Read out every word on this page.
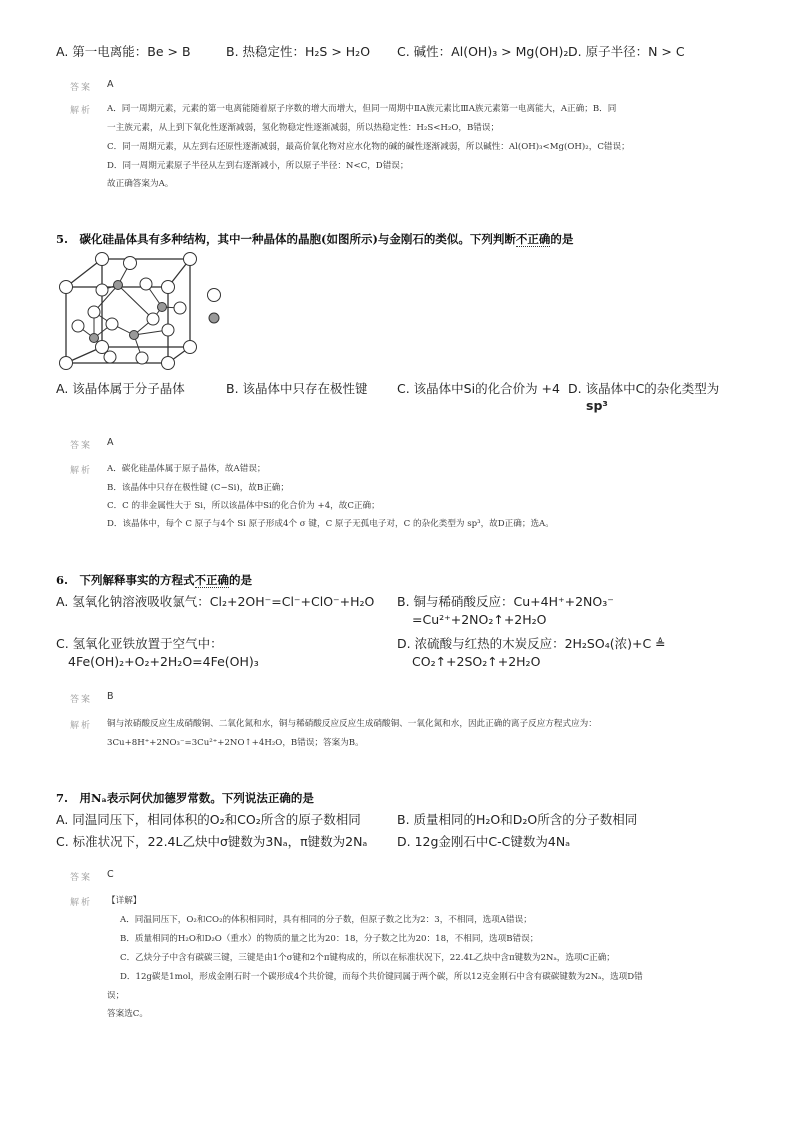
A. 第一电离能：Be > B	B. 热稳定性：H₂S > H₂O C. 碱性：Al(OH)₃ > Mg(OH)₂ D. 原子半径：N > C
答案 A
解析 A．同一周期元素，元素的第一电离能随着原子序数的增大而增大，但同一周期中ⅡA族元素比ⅢA族元素第一电离能大，A正确；B．同
一主族元素，从上到下氧化性逐渐减弱，氢化物稳定性逐渐减弱，所以热稳定性：H₂S<H₂O，B错误；
C．同一周期元素，从左到右还原性逐渐减弱，最高价氧化物对应水化物的碱的碱性逐渐减弱，所以碱性：Al(OH)₃<Mg(OH)₂，C错误；
D．同一周期元素原子半径从左到右逐渐减小，所以原子半径：N<C，D错误；
故正确答案为A。
5.　碳化硅晶体具有多种结构，其中一种晶体的晶胞(如图所示)与金刚石的类似。下列判断不正确的是
A. 该晶体属于分子晶体	B. 该晶体中只存在极性键 C. 该晶体中Si的化合价为 +4 D. 该晶体中C的杂化类型为
sp³
答案 A
解析 A．碳化硅晶体属于原子晶体，故A错误；
B．该晶体中只存在极性键 (C−Si)，故B正确；
C．C 的非金属性大于 Si，所以该晶体中Si的化合价为 +4，故C正确；
D．该晶体中，每个 C 原子与4个 Si 原子形成4个 σ 键，C 原子无孤电子对，C 的杂化类型为 sp³，故D正确；选A。
6.　下列解释事实的方程式不正确的是
A. 氢氧化钠溶液吸收氯气：Cl₂+2OH⁻=Cl⁻+ClO⁻+H₂O B. 铜与稀硝酸反应：Cu+4H⁺+2NO₃⁻
=Cu²⁺+2NO₂↑+2H₂O
C. 氢氧化亚铁放置于空气中：
4Fe(OH)₂+O₂+2H₂O=4Fe(OH)₃
D. 浓硫酸与红热的木炭反应：2H₂SO₄(浓)+C ≜
CO₂↑+2SO₂↑+2H₂O
答案 B
解析 铜与浓硝酸反应生成硝酸铜、二氧化氮和水，铜与稀硝酸反应反应生成硝酸铜、一氧化氮和水，因此正确的离子反应方程式应为：
3Cu+8H⁺+2NO₃⁻=3Cu²⁺+2NO↑+4H₂O，B错误；答案为B。
7.　用Nₐ表示阿伏加德罗常数。下列说法正确的是
A. 同温同压下，相同体积的O₂和CO₂所含的原子数相同	B. 质量相同的H₂O和D₂O所含的分子数相同
C. 标准状况下，22.4L乙炔中σ键数为3Nₐ，π键数为2Nₐ D. 12g金刚石中C-C键数为4Nₐ
答案 C
解析 【详解】
A．同温同压下，O₂和CO₂的体积相同时，具有相同的分子数，但原子数之比为2：3，不相同，选项A错误；
B．质量相同的H₂O和D₂O（重水）的物质的量之比为20：18，分子数之比为20：18，不相同，选项B错误；
C．乙炔分子中含有碳碳三键，三键是由1个σ键和2个π键构成的，所以在标准状况下，22.4L乙炔中含π键数为2Nₐ，选项C正确；
D．12g碳是1mol，形成金刚石时一个碳形成4个共价键，而每个共价键同属于两个碳，所以12克金刚石中含有碳碳键数为2Nₐ，选项D错
误；
答案选C。
